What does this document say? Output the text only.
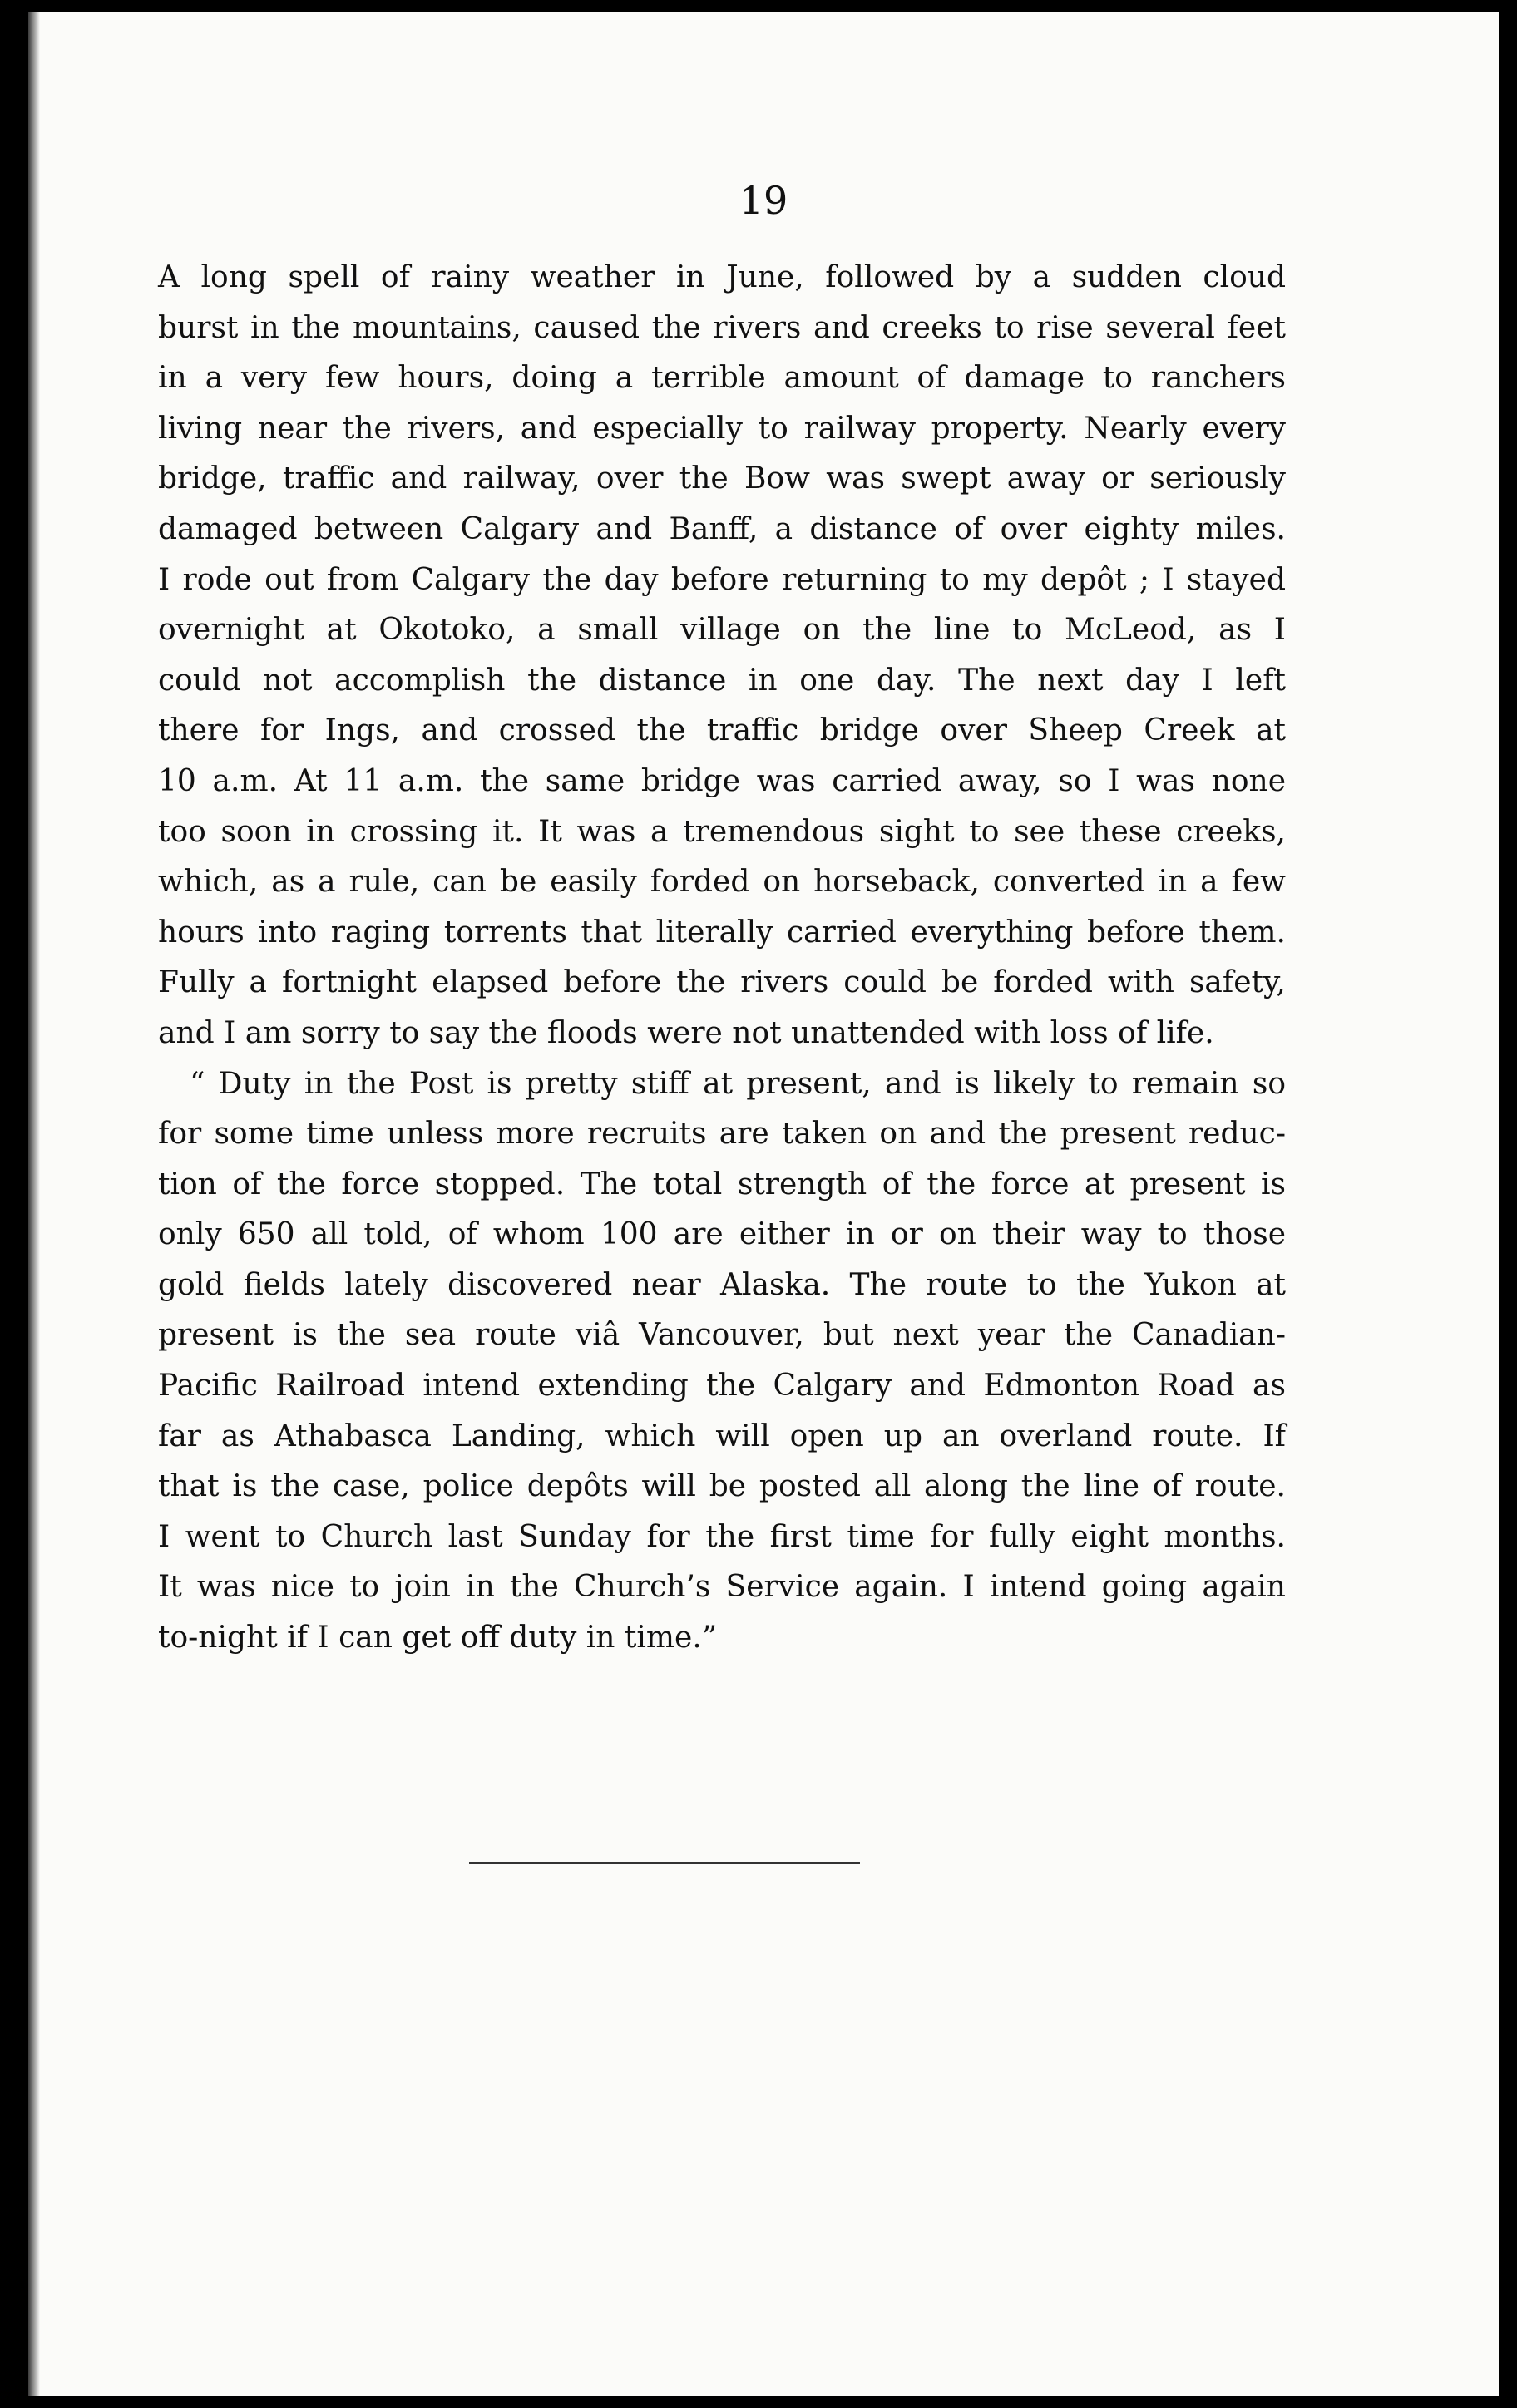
19
A long spell of rainy weather in June, followed by a sudden cloud
burst in the mountains, caused the rivers and creeks to rise several feet
in a very few hours, doing a terrible amount of damage to ranchers
living near the rivers, and especially to railway property. Nearly every
bridge, traffic and railway, over the Bow was swept away or seriously
damaged between Calgary and Banff, a distance of over eighty miles.
I rode out from Calgary the day before returning to my depôt ; I stayed
overnight at Okotoko, a small village on the line to McLeod, as I
could not accomplish the distance in one day. The next day I left
there for Ings, and crossed the traffic bridge over Sheep Creek at
10 a.m. At 11 a.m. the same bridge was carried away, so I was none
too soon in crossing it. It was a tremendous sight to see these creeks,
which, as a rule, can be easily forded on horseback, converted in a few
hours into raging torrents that literally carried everything before them.
Fully a fortnight elapsed before the rivers could be forded with safety,
and I am sorry to say the floods were not unattended with loss of life.
“ Duty in the Post is pretty stiff at present, and is likely to remain so
for some time unless more recruits are taken on and the present reduc-
tion of the force stopped. The total strength of the force at present is
only 650 all told, of whom 100 are either in or on their way to those
gold fields lately discovered near Alaska. The route to the Yukon at
present is the sea route viâ Vancouver, but next year the Canadian-
Pacific Railroad intend extending the Calgary and Edmonton Road as
far as Athabasca Landing, which will open up an overland route. If
that is the case, police depôts will be posted all along the line of route.
I went to Church last Sunday for the first time for fully eight months.
It was nice to join in the Church’s Service again. I intend going again
to-night if I can get off duty in time.”
